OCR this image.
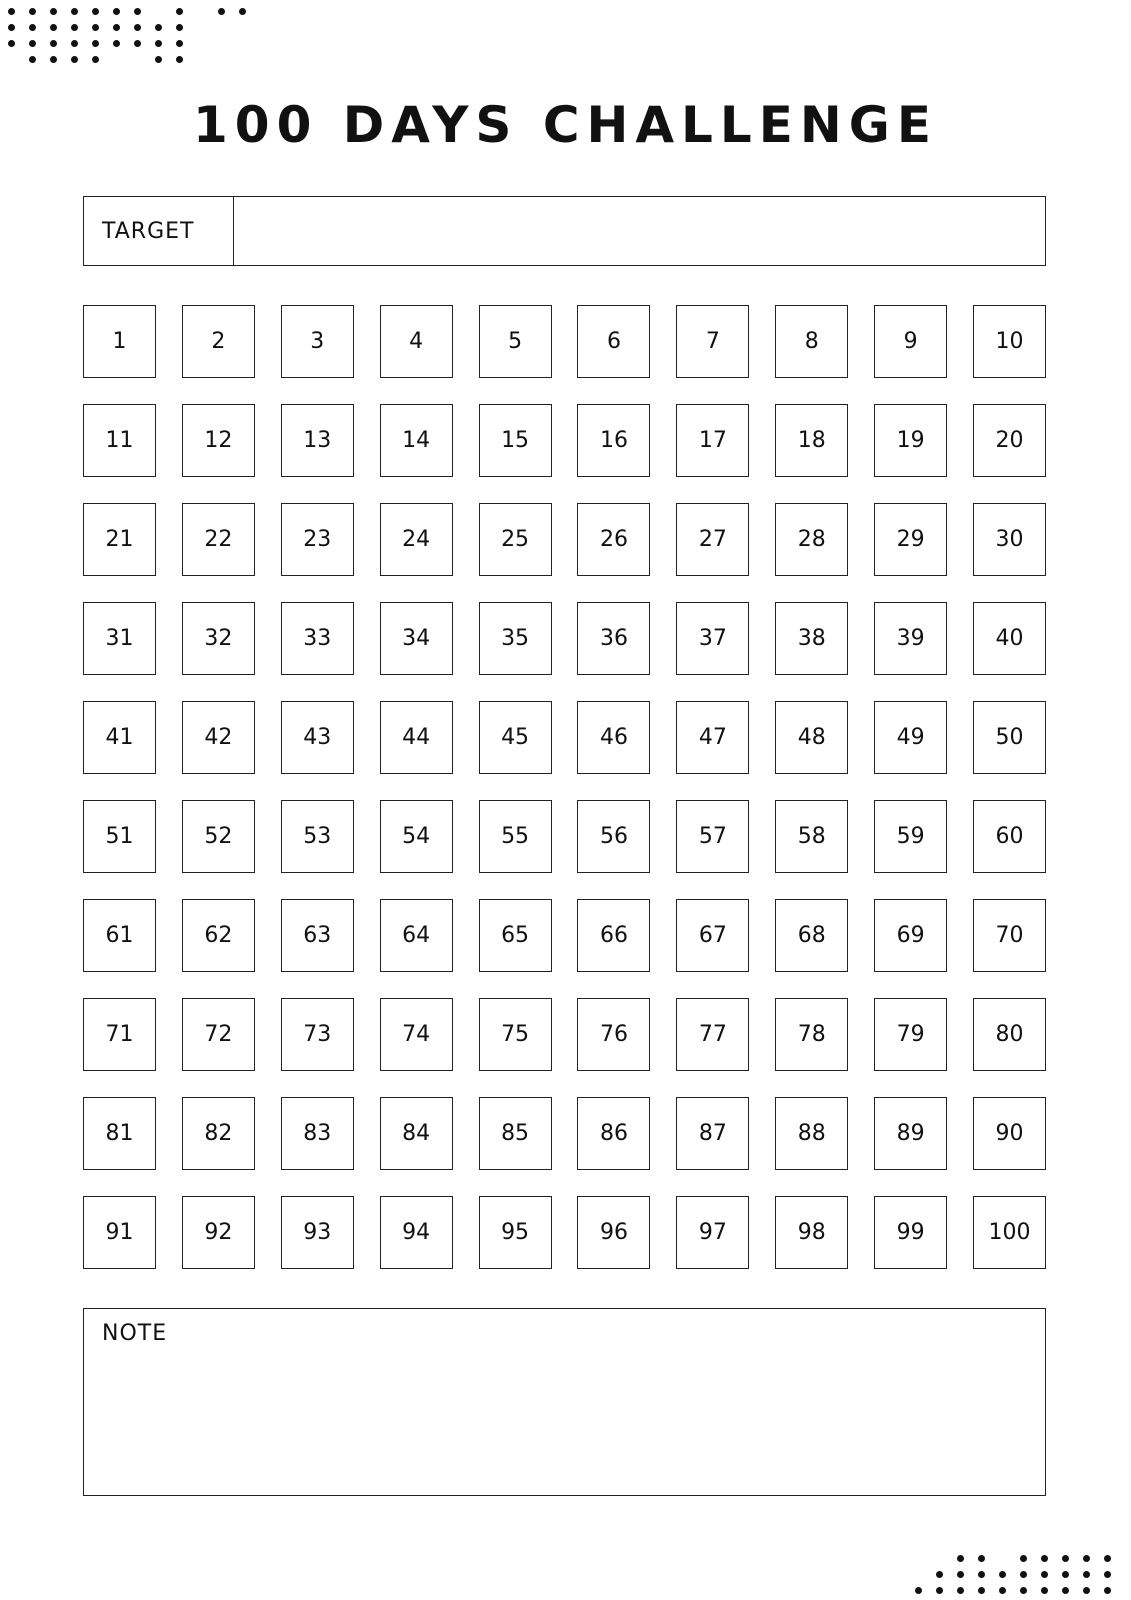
100 DAYS CHALLENGE
TARGET
1	2	3	4	5	6	7	8	9	10
11	12	13	14	15	16	17	18	19	20
21	22	23	24	25	26	27	28	29	30
31	32	33	34	35	36	37	38	39	40
41	42	43	44	45	46	47	48	49	50
51	52	53	54	55	56	57	58	59	60
61	62	63	64	65	66	67	68	69	70
71	72	73	74	75	76	77	78	79	80
81	82	83	84	85	86	87	88	89	90
91	92	93	94	95	96	97	98	99	100
NOTE
